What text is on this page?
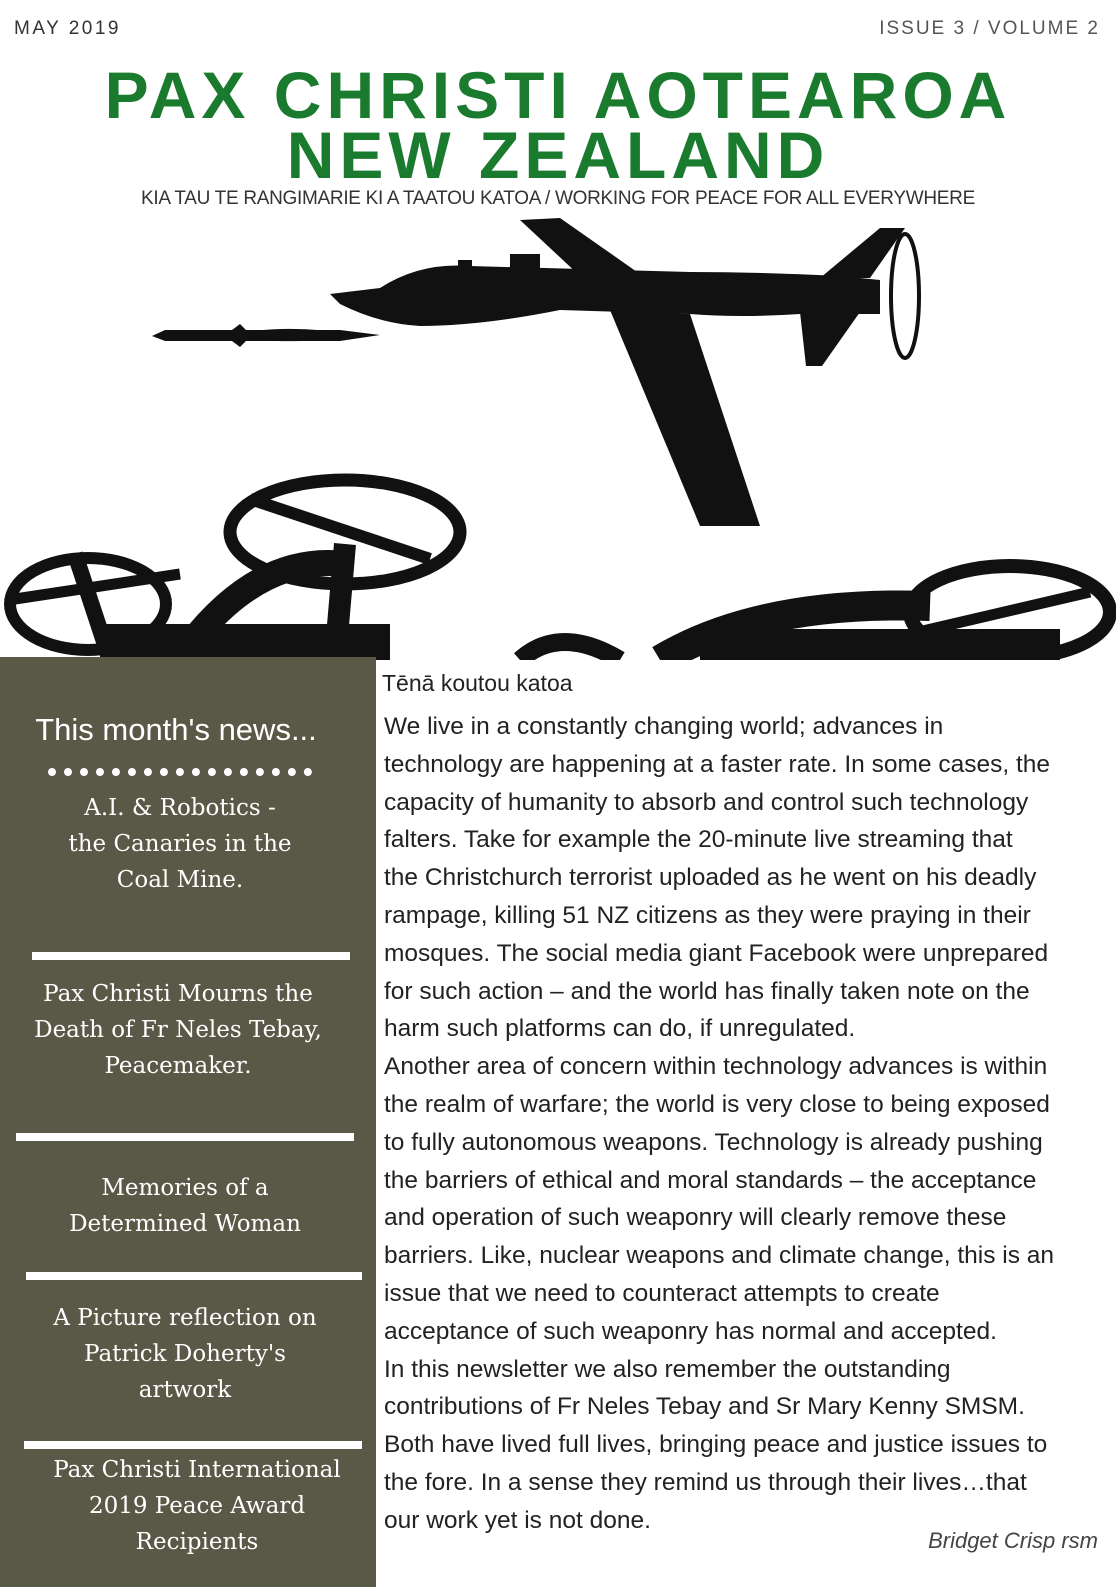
MAY 2019	ISSUE 3 / VOLUME 2
PAX CHRISTI AOTEAROA
NEW ZEALAND
KIA TAU TE RANGIMARIE KI A TAATOU KATOA / WORKING FOR PEACE FOR ALL EVERYWHERE
This month's news...
A.I. & Robotics -
the Canaries in the
Coal Mine.
Pax Christi Mourns the
Death of Fr Neles Tebay,
Peacemaker.
Memories of a
Determined Woman
A Picture reflection on
Patrick Doherty's
artwork
Pax Christi International
2019 Peace Award
Recipients
Tēnā koutou katoa
We live in a constantly changing world; advances in
technology are happening at a faster rate. In some cases, the
capacity of humanity to absorb and control such technology
falters. Take for example the 20-minute live streaming that
the Christchurch terrorist uploaded as he went on his deadly
rampage, killing 51 NZ citizens as they were praying in their
mosques. The social media giant Facebook were unprepared
for such action – and the world has finally taken note on the
harm such platforms can do, if unregulated.
Another area of concern within technology advances is within
the realm of warfare; the world is very close to being exposed
to fully autonomous weapons. Technology is already pushing
the barriers of ethical and moral standards – the acceptance
and operation of such weaponry will clearly remove these
barriers. Like, nuclear weapons and climate change, this is an
issue that we need to counteract attempts to create
acceptance of such weaponry has normal and accepted.
In this newsletter we also remember the outstanding
contributions of Fr Neles Tebay and Sr Mary Kenny SMSM.
Both have lived full lives, bringing peace and justice issues to
the fore. In a sense they remind us through their lives…that
our work yet is not done.
Bridget Crisp rsm
